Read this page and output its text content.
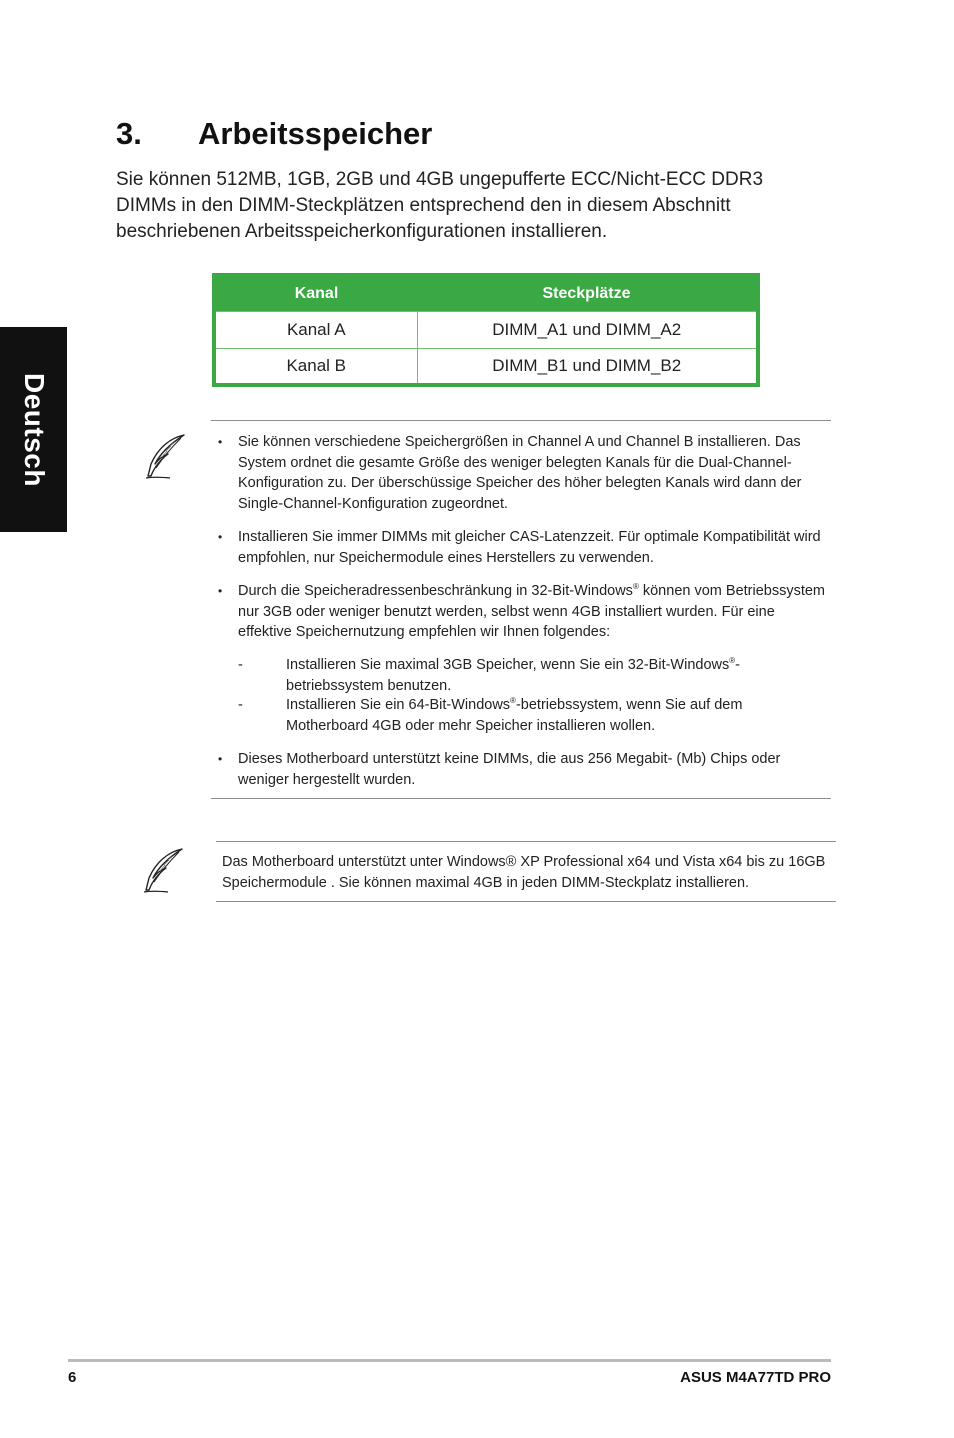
Deutsch
3. Arbeitsspeicher

Sie können 512MB, 1GB, 2GB und 4GB ungepufferte ECC/Nicht-ECC DDR3 DIMMs in den DIMM-Steckplätzen entsprechend den in diesem Abschnitt beschriebenen Arbeitsspeicherkonfigurationen installieren.

Kanal	Steckplätze
Kanal A	DIMM_A1 und DIMM_A2
Kanal B	DIMM_B1 und DIMM_B2
• Sie können verschiedene Speichergrößen in Channel A und Channel B installieren. Das System ordnet die gesamte Größe des weniger belegten Kanals für die Dual-Channel-Konfiguration zu. Der überschüssige Speicher des höher belegten Kanals wird dann der Single-Channel-Konfiguration zugeordnet.
• Installieren Sie immer DIMMs mit gleicher CAS-Latenzzeit. Für optimale Kompatibilität wird empfohlen, nur Speichermodule eines Herstellers zu verwenden.
• Durch die Speicheradressenbeschränkung in 32-Bit-Windows® können vom Betriebssystem nur 3GB oder weniger benutzt werden, selbst wenn 4GB installiert wurden. Für eine effektive Speichernutzung empfehlen wir Ihnen folgendes:
-	Installieren Sie maximal 3GB Speicher, wenn Sie ein 32-Bit-Windows®-betriebssystem benutzen.
-	Installieren Sie ein 64-Bit-Windows®-betriebssystem, wenn Sie auf dem Motherboard 4GB oder mehr Speicher installieren wollen.
• Dieses Motherboard unterstützt keine DIMMs, die aus 256 Megabit- (Mb) Chips oder weniger hergestellt wurden.

Das Motherboard unterstützt unter Windows® XP Professional x64 und Vista x64 bis zu 16GB Speichermodule . Sie können maximal 4GB in jeden DIMM-Steckplatz installieren.

6	ASUS M4A77TD PRO
